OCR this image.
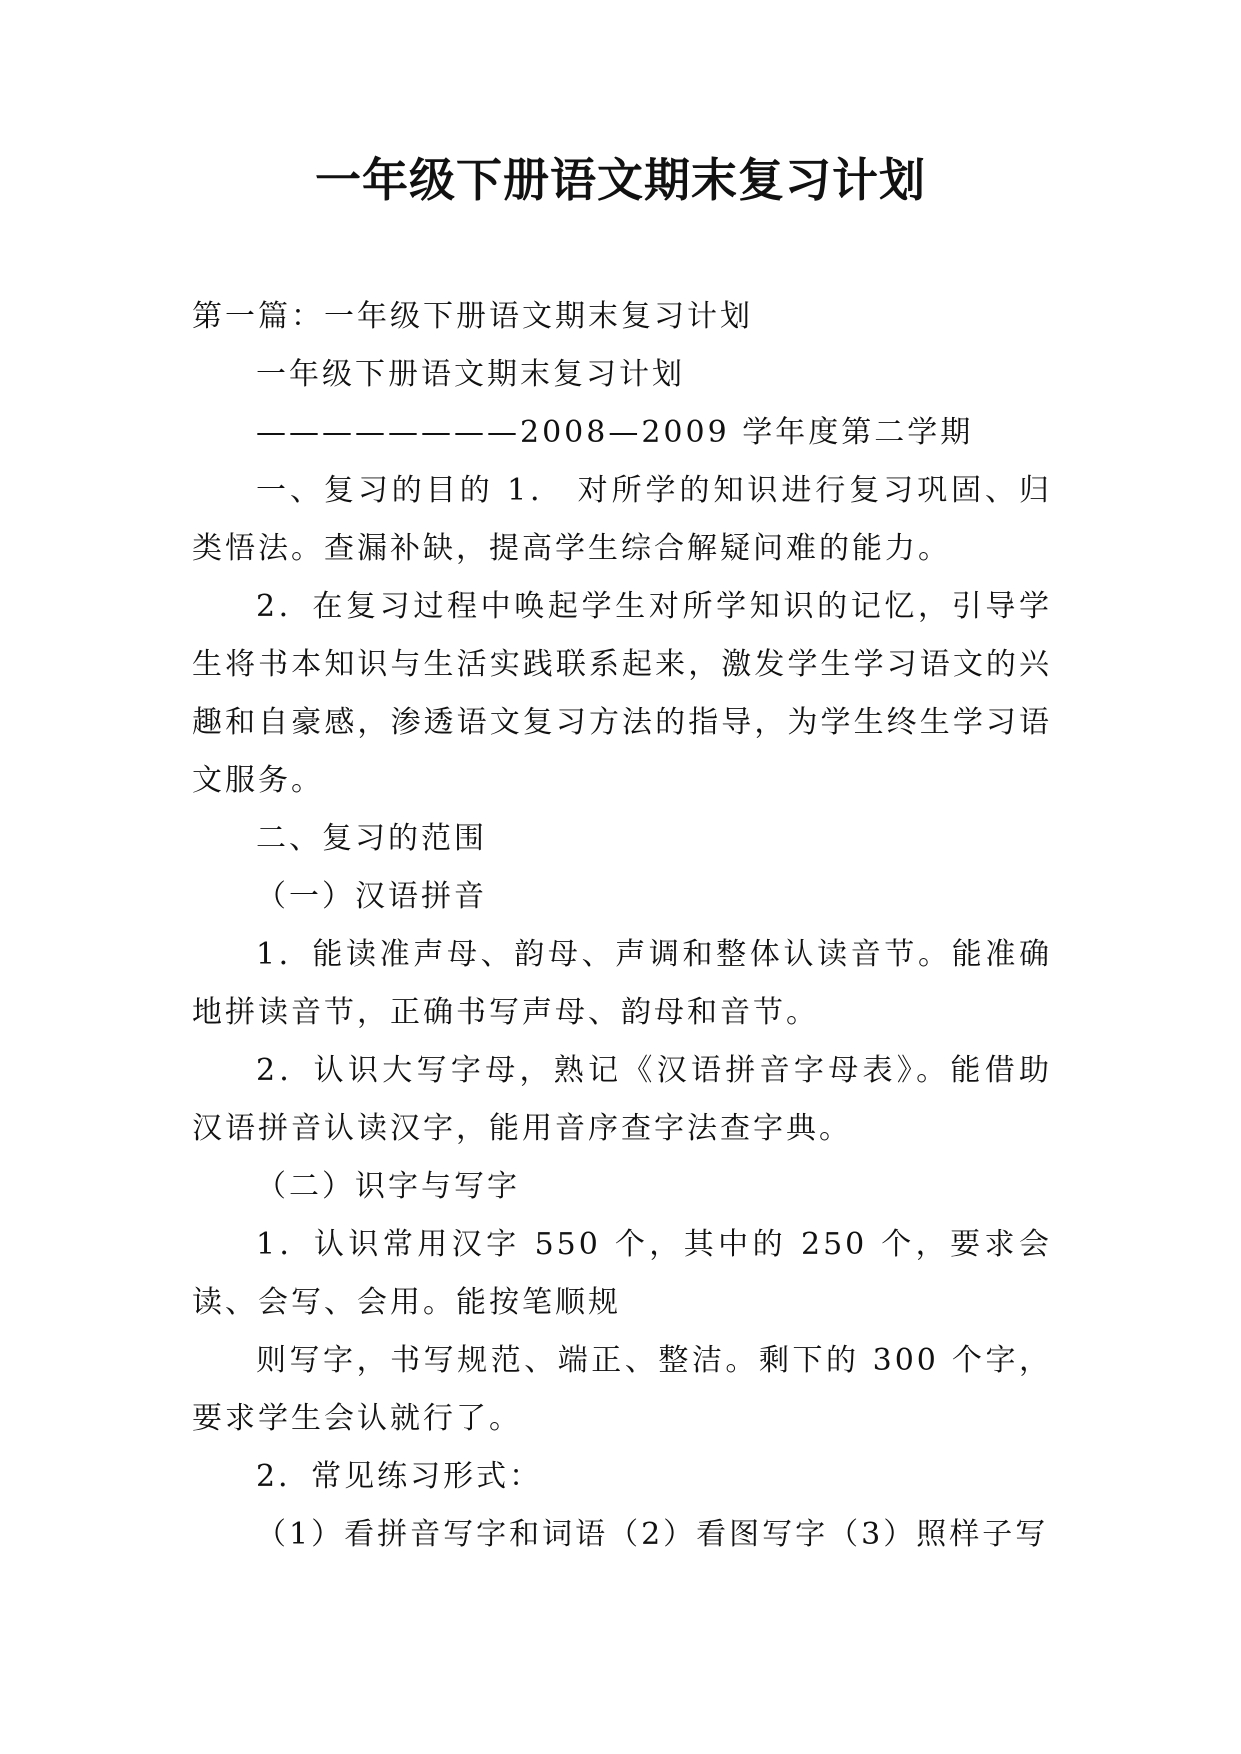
一年级下册语文期末复习计划

第一篇：一年级下册语文期末复习计划

一年级下册语文期末复习计划

————————2008—2009 学年度第二学期

一、复习的目的 1． 对所学的知识进行复习巩固、归类悟法。查漏补缺，提高学生综合解疑问难的能力。

2．在复习过程中唤起学生对所学知识的记忆，引导学生将书本知识与生活实践联系起来，激发学生学习语文的兴趣和自豪感，渗透语文复习方法的指导，为学生终生学习语文服务。

二、复习的范围

（一）汉语拼音

1．能读准声母、韵母、声调和整体认读音节。能准确地拼读音节，正确书写声母、韵母和音节。

2．认识大写字母，熟记《汉语拼音字母表》。能借助汉语拼音认读汉字，能用音序查字法查字典。

（二）识字与写字

1．认识常用汉字 550 个，其中的 250 个，要求会读、会写、会用。能按笔顺规

则写字，书写规范、端正、整洁。剩下的 300 个字，要求学生会认就行了。

2．常见练习形式：

（1）看拼音写字和词语（2）看图写字（3）照样子写
